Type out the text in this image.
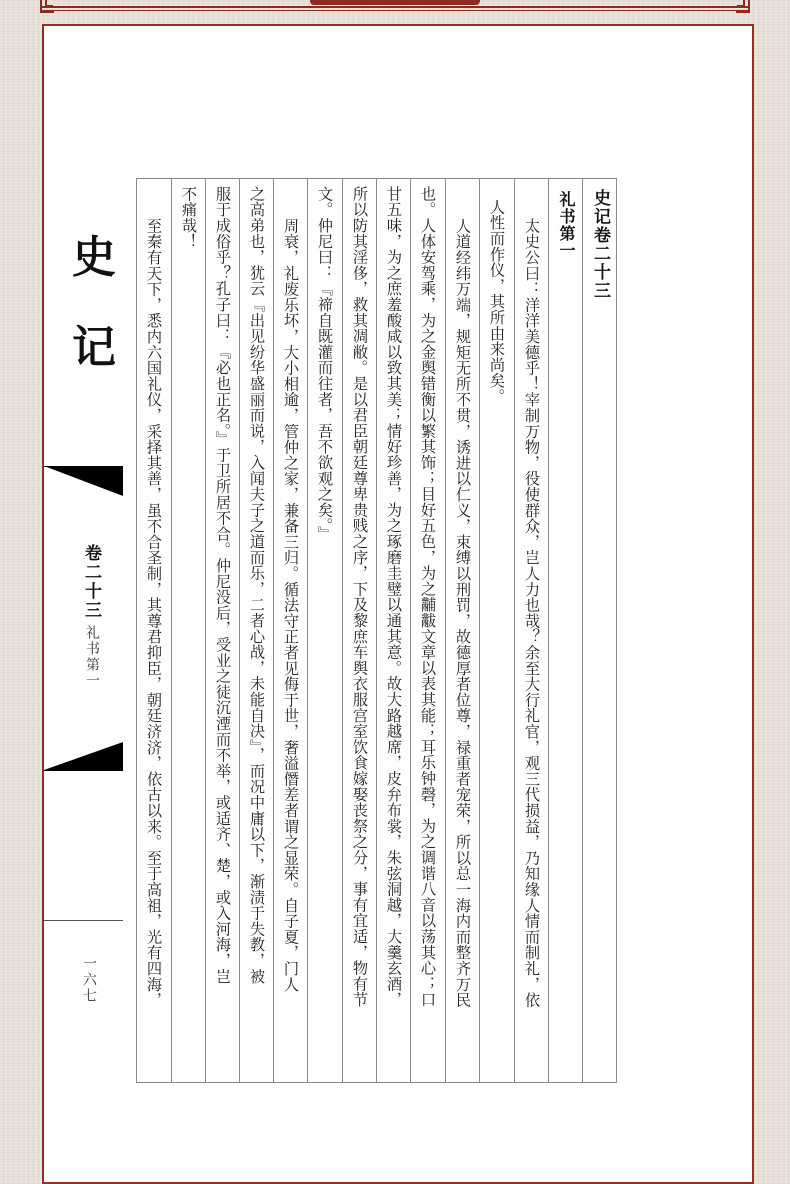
史
记
卷二十三
礼书第一
一六七
史记卷二十三
礼书第一
太史公曰：洋洋美德乎！宰制万物，役使群众，岂人力也哉？余至大行礼官，观三代损益，乃知缘人情而制礼，依
人性而作仪，其所由来尚矣。
人道经纬万端，规矩无所不贯，诱进以仁义，束缚以刑罚，故德厚者位尊，禄重者宠荣，所以总一海内而整齐万民
也。人体安驾乘，为之金舆错衡以繁其饰；目好五色，为之黼黻文章以表其能；耳乐钟磬，为之调谐八音以荡其心；口
甘五味，为之庶羞酸咸以致其美；情好珍善，为之琢磨圭璧以通其意。故大路越席，皮弁布裳，朱弦洞越，大羹玄酒，
所以防其淫侈，救其凋敝。是以君臣朝廷尊卑贵贱之序，下及黎庶车舆衣服宫室饮食嫁娶丧祭之分，事有宜适，物有节
文。仲尼曰：『禘自既灌而往者，吾不欲观之矣。』
周衰，礼废乐坏，大小相逾，管仲之家，兼备三归。循法守正者见侮于世，奢溢僭差者谓之显荣。自子夏，门人
之高弟也，犹云『出见纷华盛丽而说，入闻夫子之道而乐，二者心战，未能自决』，而况中庸以下，渐渍于失教，被
服于成俗乎？孔子曰：『必也正名。』于卫所居不合。仲尼没后，受业之徒沉湮而不举，或适齐、楚，或入河海，岂
不痛哉！
至秦有天下，悉内六国礼仪，采择其善，虽不合圣制，其尊君抑臣，朝廷济济，依古以来。至于高祖，光有四海，
